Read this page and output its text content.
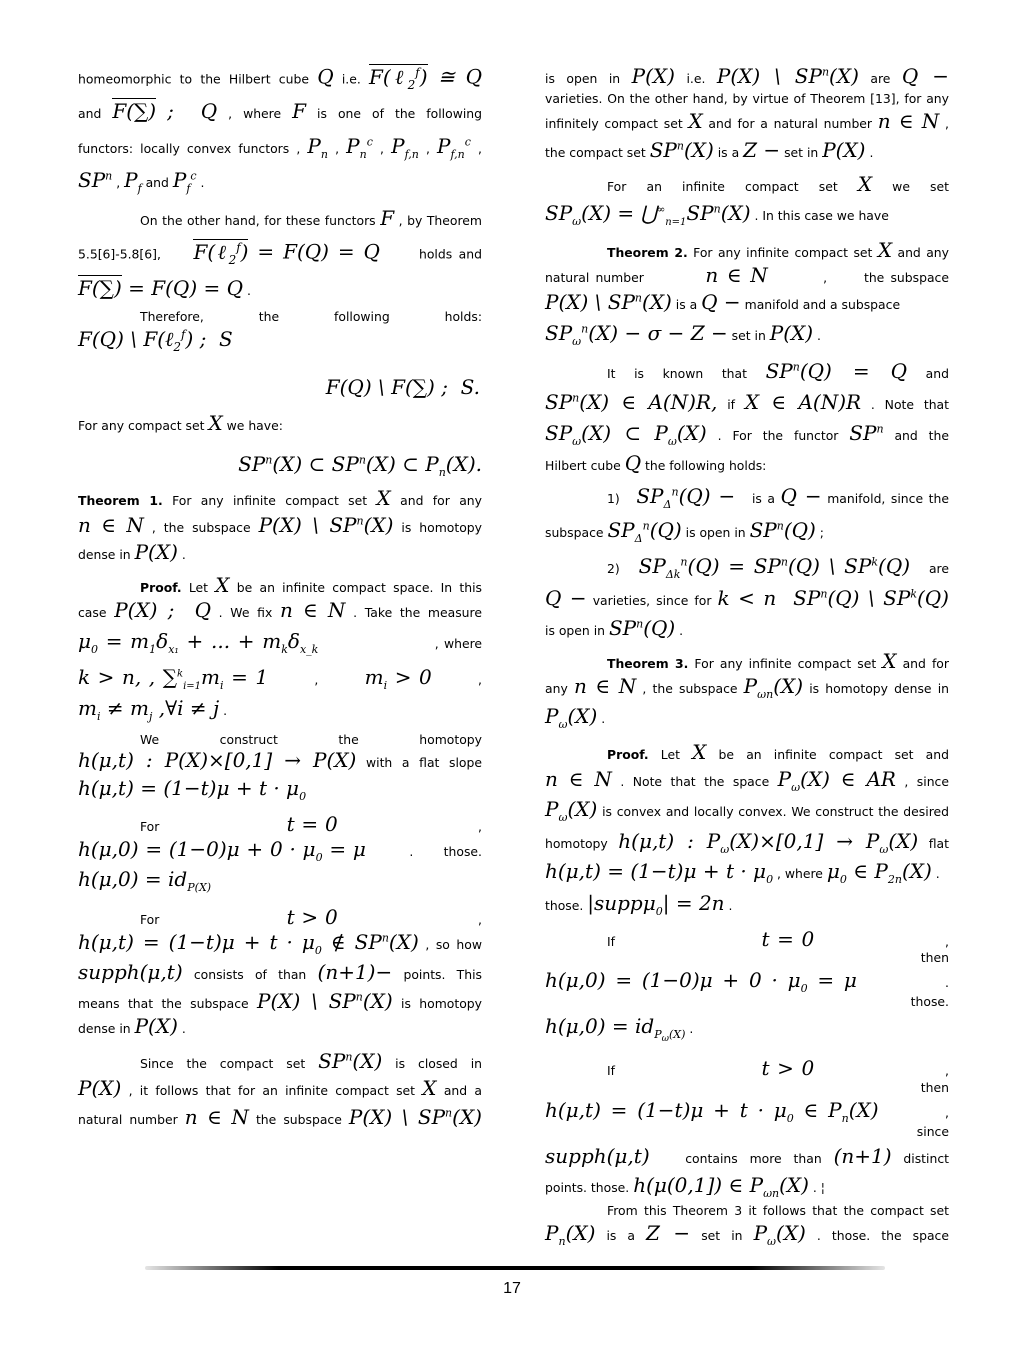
homeomorphic to the Hilbert cube Q i.e. F(ℓ$_2^f$) ≅ Q

and F(∑) ;  Q , where F is one of the following

functors: locally convex functors , $P_n$ , $P_n^c$ , $P_{f,n}$ , $P_{f,n}^c$ ,

$SP^n$ , $P_f$ and $P_f^c$ .

On the other hand, for these functors F , by Theorem

5.5[6]-5.8[6],     F(ℓ$_2^f$) = F(Q) = Q      holds and

F(∑) = F(Q) = Q .

Therefore, the following holds:

F(Q) \ F(ℓ$_2^f$) ;  S

F(Q) \ F(∑) ;  S.

For any compact set X we have:

$SP^n(X)$ ⊂ $SP^n(X)$ ⊂ $P_n(X)$.

Theorem 1. For any infinite compact set X and for any

n ∈ N , the subspace P(X) \ $SP^n(X)$ is homotopy

dense in P(X) .

Proof. Let X be an infinite compact space. In this

case P(X) ;  Q . We fix n ∈ N . Take the measure

$\mu_0 = m_1\delta_{x_1}$ + ... + $m_k\delta_{x\_k}$                      , where

k > n, , $\sum^k_{i=1}m_i = 1$         ,         $m_i > 0$         ,

$m_i \ne m_j$ ,∀i ≠ j .

We construct the homotopy

h(μ,t) : P(X)×[0,1] → P(X) with a flat slope

$h(\mu,t) = (1-t)\mu + t \cdot \mu_0$

For                             t = 0                                ,

$h(\mu,0) = (1-0)\mu + 0 \cdot \mu_0 = \mu$          .       those.

$h(\mu,0) = id_{P(X)}$

For                             t > 0                                ,

$h(\mu,t) = (1-t)\mu + t \cdot \mu_0$ ∉ $SP^n(X)$ , so how

supph(μ,t) consists of than (n+1)− points. This

means that the subspace P(X) \ $SP^n(X)$ is homotopy

dense in P(X) .

Since the compact set $SP^n(X)$ is closed in

P(X) , it follows that for an infinite compact set X and a

natural number n ∈ N the subspace P(X) \ $SP^n(X)$

is open in P(X) i.e. P(X) \ $SP^n(X)$ are Q −

varieties. On the other hand, by virtue of Theorem [13], for any

infinitely compact set X and for a natural number n ∈ N ,

the compact set $SP^n(X)$ is a Z − set in P(X) .

For an infinite compact set X we set

$SP_\omega(X)$ = $⋃^\infty_{n=1}SP^n(X)$ . In this case we have

Theorem 2. For any infinite compact set X and any

natural number          n ∈ N         ,      the subspace

P(X) \ $SP^n(X)$ is a Q − manifold and a subspace

$SP_\omega^n(X) - \sigma - Z$ − set in P(X) .

It is known that $SP^n(Q) = Q$ and

$SP^n(X)$ ∈ A(N)R, if X ∈ A(N)R . Note that

$SP_\omega(X)$ ⊂ $P_\omega(X)$ . For the functor $SP^n$ and the

Hilbert cube Q the following holds:

1)   $SP_\Delta^n(Q)$ −   is a Q − manifold, since the

subspace $SP_\Delta^n(Q)$ is open in $SP^n(Q)$ ;

2)   $SP_{\Delta k}^n(Q) = SP^n(Q)$ \ $SP^k(Q)$   are

Q − varieties, since for k < n  $SP^n(Q)$ \ $SP^k(Q)$

is open in $SP^n(Q)$ .

Theorem 3. For any infinite compact set X and for

any n ∈ N , the subspace $P_{\omega n}(X)$ is homotopy dense in

$P_\omega(X)$ .

Proof. Let X be an infinite compact set and

n ∈ N . Note that the space $P_\omega(X)$ ∈ AR , since

$P_\omega(X)$ is convex and locally convex. We construct the desired

homotopy h(μ,t) : $P_\omega(X)\times[0,1] \to P_\omega(X)$ flat

$h(\mu,t) = (1-t)\mu + t \cdot \mu_0$ , where $\mu_0$ ∈ $P_{2n}(X)$ .

those. |suppμ$_0$| = 2n .

If                            t = 0                         ,                        then

$h(\mu,0) = (1-0)\mu + 0 \cdot \mu_0 = \mu$            .         those.

$h(\mu,0) = id_{P_\omega(X)}$ .

If                            t > 0                         ,                        then

$h(\mu,t) = (1-t)\mu + t \cdot \mu_0$ ∈ $P_n(X)$         ,         since

supph(μ,t)   contains more than (n+1) distinct

points. those. h(μ(0,1]) ∈ $P_{\omega n}(X)$ . ¦

From this Theorem 3 it follows that the compact set

$P_n(X)$ is a Z − set in $P_\omega(X)$ . those. the space

17
